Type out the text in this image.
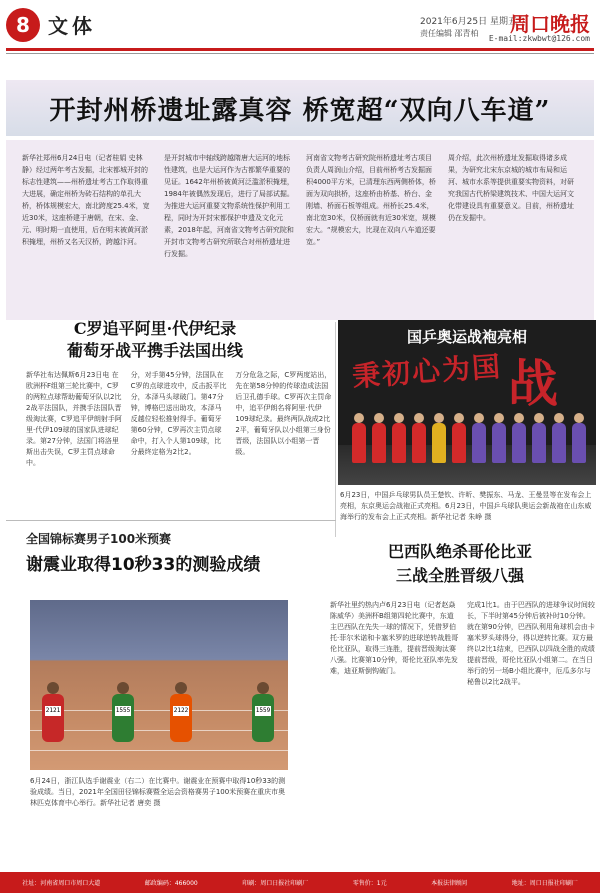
8 文体	2021年6月25日 星期五
责任编辑 邵青柏 周口晚报
E-mail:zkwbwt@126.com
开封州桥遗址露真容 桥宽超“双向八车道”

新华社郑州6月24日电（记者桂娟 史林静）经过两年考古发掘，北宋都城开封的标志性建筑——州桥遗址考古工作取得重大进展，确定州桥为砖石结构的单孔大桥，桥体规模宏大，南北跨度25.4米，宽近30米，这座桥建于唐朝，在宋、金、元、明时期一直使用，后在明末被黄河淤积掩埋，州桥又名天汉桥，跨越汴河。

是开封城市中轴线跨越隋唐大运河的地标性建筑，也是大运河作为古都繁华重要的见证。1642年州桥被黄河泛滥淤积掩埋，1984年被偶然发现后，进行了局部试掘。为推进大运河重要文物系统性保护利用工程，同时为开封宋都保护申遗及文化元素，2018年起，河南省文物考古研究院和开封市文物考古研究所联合对州桥遗址进行发掘。

河南省文物考古研究院州桥遗址考古项目负责人周润山介绍，目前州桥考古发掘面积4000平方米，已清理东西两侧桥体，桥面为双向拱桥，这座桥由桥基、桥台、金刚墙、桥面石板等组成。州桥长25.4米，南北宽30米，仅桥面就有近30米宽，规模宏大。“规模宏大，比现在双向八车道还要宽。”

周介绍，此次州桥遗址发掘取得诸多成果，为研究北宋东京城的城市布局和运河、城市水系等提供重要实物资料，对研究我国古代桥梁建筑技术、中国大运河文化带建设具有重要意义。目前，州桥遗址仍在发掘中。

C罗追平阿里·代伊纪录
葡萄牙战平携手法国出线

新华社布达佩斯6月23日电 在欧洲杯F组第三轮比赛中，C罗的两粒点球帮助葡萄牙队以2比2战平法国队，并携手法国队晋级淘汰赛，C罗追平伊朗射手阿里·代伊109球的国家队进球纪录。第27分钟，法国门将洛里斯出击失误，C罗主罚点球命中。

分，对手第45分钟，法国队在C罗的点球进攻中，反击扳平比分，本泽马头球破门。第47分钟，博格巴送出助攻，本泽马反越位轻松推射得手。葡萄牙第60分钟，C罗再次主罚点球命中，打入个人第109球，比分最终定格为2比2。

万分危急之际，C罗两度站出，先在第58分钟的传球造成法国后卫孔德手球。C罗再次主罚命中，追平伊朗名将阿里·代伊109球纪录。最终两队战成2比2平，葡萄牙队以小组第三身份晋级，法国队以小组第一晋级。

国乒奥运战袍亮相
秉初心为国 战

6月23日，中国乒乓球男队员王楚钦、许昕、樊振东、马龙、王曼昱等在发布会上亮相，东京奥运会战袍正式亮相。6月23日，中国乒乓球队奥运会新战袍在山东威海举行的发布会上正式亮相。新华社记者 朱峥 摄

全国锦标赛男子100米预赛
谢震业取得10秒33的测验成绩
2121	1555	2122	1559

6月24日，浙江队选手谢震业（右二）在比赛中。谢震业在预赛中取得10秒33的测验成绩。当日，2021年全国田径锦标赛暨全运会资格赛男子100米预赛在重庆市奥林匹克体育中心举行。新华社记者 唐奕 摄

巴西队绝杀哥伦比亚
三战全胜晋级八强

新华社里约热内卢6月23日电（记者赵焱 陈威华）美洲杯B组第四轮比赛中，东道主巴西队在先失一球的情况下，凭借罗伯托·菲尔米诺和卡塞米罗的进球逆转战胜哥伦比亚队，取得三连胜，提前晋级淘汰赛八强。比赛第10分钟，哥伦比亚队率先发难，迪亚斯倒钩破门。

完成1比1。由于巴西队的进球争议时间较长，下半时第45分钟后被补时10分钟。就在第90分钟，巴西队利用角球机会由卡塞米罗头球得分，得以逆转比赛。双方最终以2比1结束，巴西队以四战全胜的成绩提前晋级，哥伦比亚队小组第二。在当日举行的另一场B小组比赛中，厄瓜多尔与秘鲁以2比2战平。

社址：河南省周口市周口大道	邮政编码：466000	印刷：周口日报社印刷厂	零售价：1元	本报法律顾问	地址：周口日报社印刷厂
